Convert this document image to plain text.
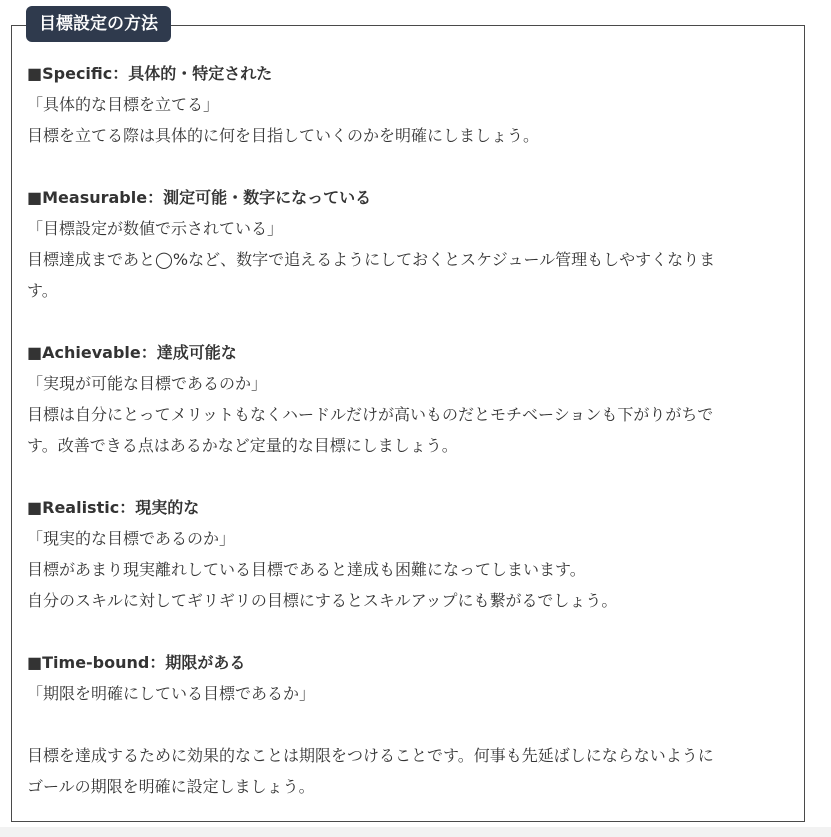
目標設定の方法
■Specific：具体的・特定された
「具体的な目標を立てる」
目標を立てる際は具体的に何を目指していくのかを明確にしましょう。
■Measurable：測定可能・数字になっている
「目標設定が数値で示されている」
目標達成まであと◯%など、数字で追えるようにしておくとスケジュール管理もしやすくなりま
す。
■Achievable：達成可能な
「実現が可能な目標であるのか」
目標は自分にとってメリットもなくハードルだけが高いものだとモチベーションも下がりがちで
す。改善できる点はあるかなど定量的な目標にしましょう。
■Realistic：現実的な
「現実的な目標であるのか」
目標があまり現実離れしている目標であると達成も困難になってしまいます。
自分のスキルに対してギリギリの目標にするとスキルアップにも繋がるでしょう。
■Time-bound：期限がある
「期限を明確にしている目標であるか」
目標を達成するために効果的なことは期限をつけることです。何事も先延ばしにならないように
ゴールの期限を明確に設定しましょう。
